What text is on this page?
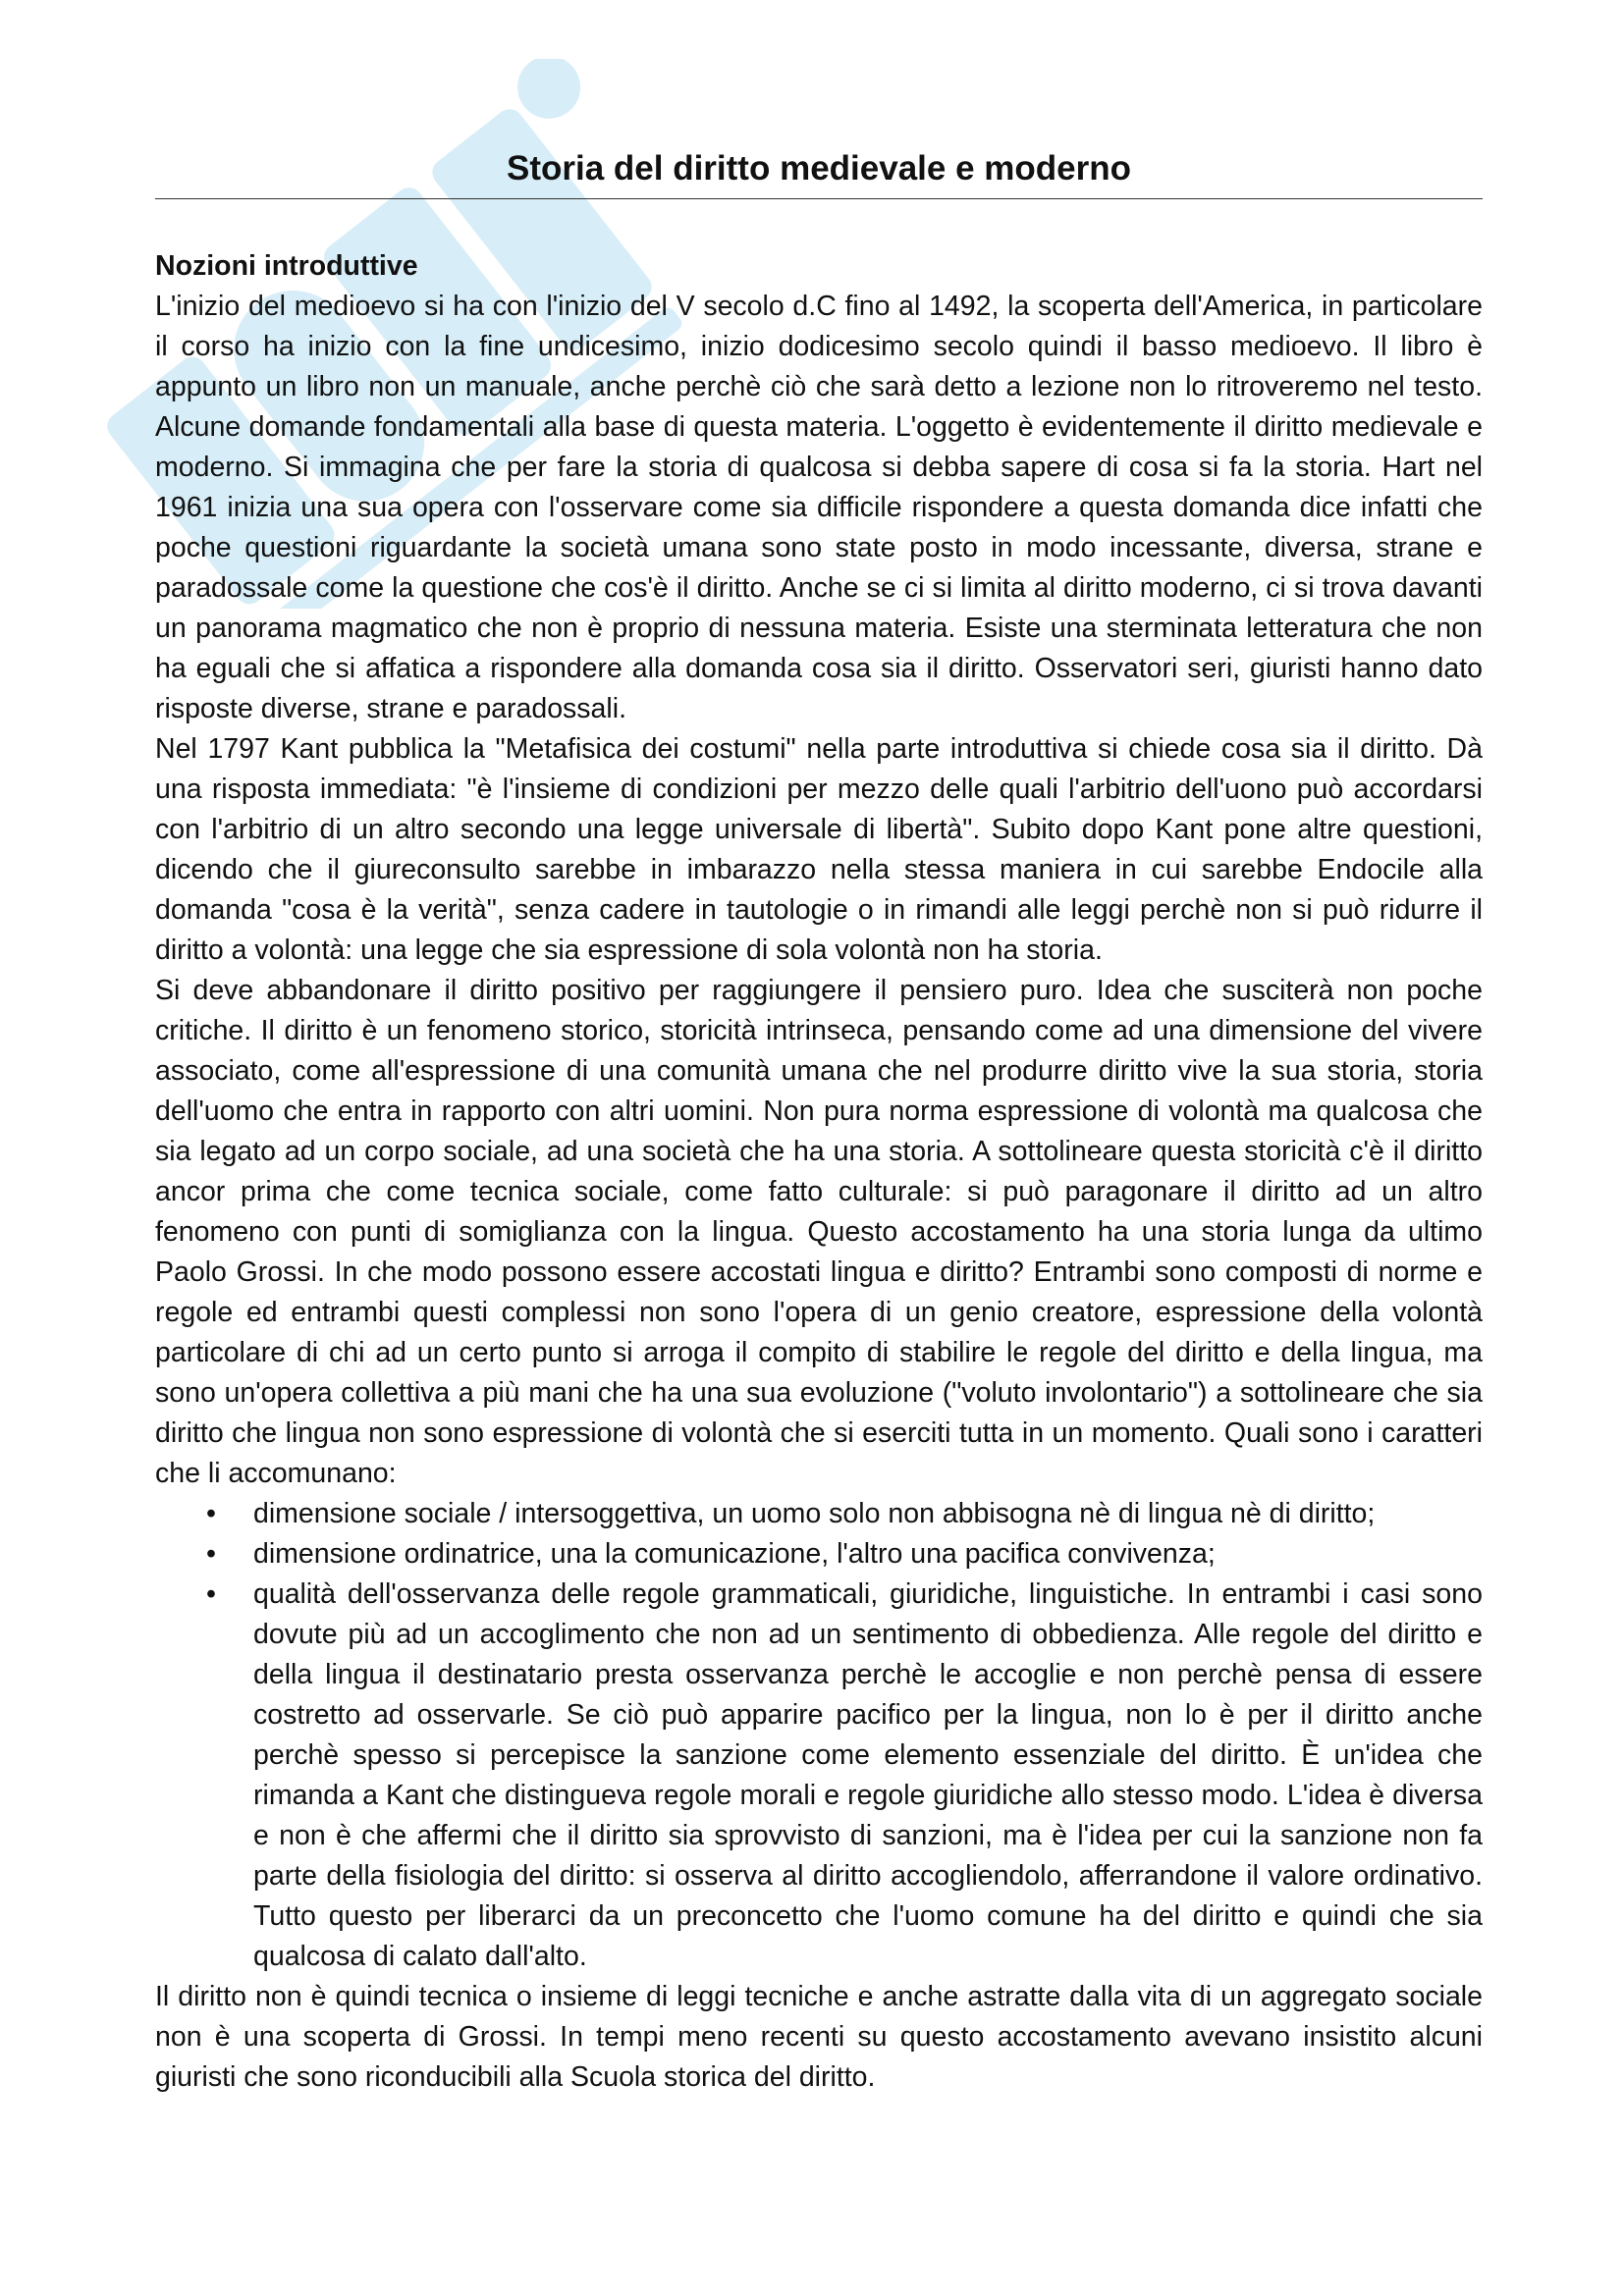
Storia del diritto medievale e moderno

Nozioni introduttive

L'inizio del medioevo si ha con l'inizio del V secolo d.C fino al 1492, la scoperta dell'America, in particolare il corso ha inizio con la fine undicesimo, inizio dodicesimo secolo quindi il basso medioevo. Il libro è appunto un libro non un manuale, anche perchè ciò che sarà detto a lezione non lo ritroveremo nel testo. Alcune domande fondamentali alla base di questa materia. L'oggetto è evidentemente il diritto medievale e moderno. Si immagina che per fare la storia di qualcosa si debba sapere di cosa si fa la storia. Hart nel 1961 inizia una sua opera con l'osservare come sia difficile rispondere a questa domanda dice infatti che poche questioni riguardante la società umana sono state posto in modo incessante, diversa, strane e paradossale come la questione che cos'è il diritto. Anche se ci si limita al diritto moderno, ci si trova davanti un panorama magmatico che non è proprio di nessuna materia. Esiste una sterminata letteratura che non ha eguali che si affatica a rispondere alla domanda cosa sia il diritto. Osservatori seri, giuristi hanno dato risposte diverse, strane e paradossali.

Nel 1797 Kant pubblica la "Metafisica dei costumi" nella parte introduttiva si chiede cosa sia il diritto. Dà una risposta immediata: "è l'insieme di condizioni per mezzo delle quali l'arbitrio dell'uono può accordarsi con l'arbitrio di un altro secondo una legge universale di libertà". Subito dopo Kant pone altre questioni, dicendo che il giureconsulto sarebbe in imbarazzo nella stessa maniera in cui sarebbe Endocile alla domanda "cosa è la verità", senza cadere in tautologie o in rimandi alle leggi perchè non si può ridurre il diritto a volontà: una legge che sia espressione di sola volontà non ha storia.

Si deve abbandonare il diritto positivo per raggiungere il pensiero puro. Idea che susciterà non poche critiche. Il diritto è un fenomeno storico, storicità intrinseca, pensando come ad una dimensione del vivere associato, come all'espressione di una comunità umana che nel produrre diritto vive la sua storia, storia dell'uomo che entra in rapporto con altri uomini. Non pura norma espressione di volontà ma qualcosa che sia legato ad un corpo sociale, ad una società che ha una storia. A sottolineare questa storicità c'è il diritto ancor prima che come tecnica sociale, come fatto culturale: si può paragonare il diritto ad un altro fenomeno con punti di somiglianza con la lingua. Questo accostamento ha una storia lunga da ultimo Paolo Grossi. In che modo possono essere accostati lingua e diritto? Entrambi sono composti di norme e regole ed entrambi questi complessi non sono l'opera di un genio creatore, espressione della volontà particolare di chi ad un certo punto si arroga il compito di stabilire le regole del diritto e della lingua, ma sono un'opera collettiva a più mani che ha una sua evoluzione ("voluto involontario") a sottolineare che sia diritto che lingua non sono espressione di volontà che si eserciti tutta in un momento. Quali sono i caratteri che li accomunano:

• dimensione sociale / intersoggettiva, un uomo solo non abbisogna nè di lingua nè di diritto;
• dimensione ordinatrice, una la comunicazione, l'altro una pacifica convivenza;
• qualità dell'osservanza delle regole grammaticali, giuridiche, linguistiche. In entrambi i casi sono dovute più ad un accoglimento che non ad un sentimento di obbedienza. Alle regole del diritto e della lingua il destinatario presta osservanza perchè le accoglie e non perchè pensa di essere costretto ad osservarle. Se ciò può apparire pacifico per la lingua, non lo è per il diritto anche perchè spesso si percepisce la sanzione come elemento essenziale del diritto. È un'idea che rimanda a Kant che distingueva regole morali e regole giuridiche allo stesso modo. L'idea è diversa e non è che affermi che il diritto sia sprovvisto di sanzioni, ma è l'idea per cui la sanzione non fa parte della fisiologia del diritto: si osserva al diritto accogliendolo, afferrandone il valore ordinativo. Tutto questo per liberarci da un preconcetto che l'uomo comune ha del diritto e quindi che sia qualcosa di calato dall'alto.

Il diritto non è quindi tecnica o insieme di leggi tecniche e anche astratte dalla vita di un aggregato sociale non è una scoperta di Grossi. In tempi meno recenti su questo accostamento avevano insistito alcuni giuristi che sono riconducibili alla Scuola storica del diritto.
